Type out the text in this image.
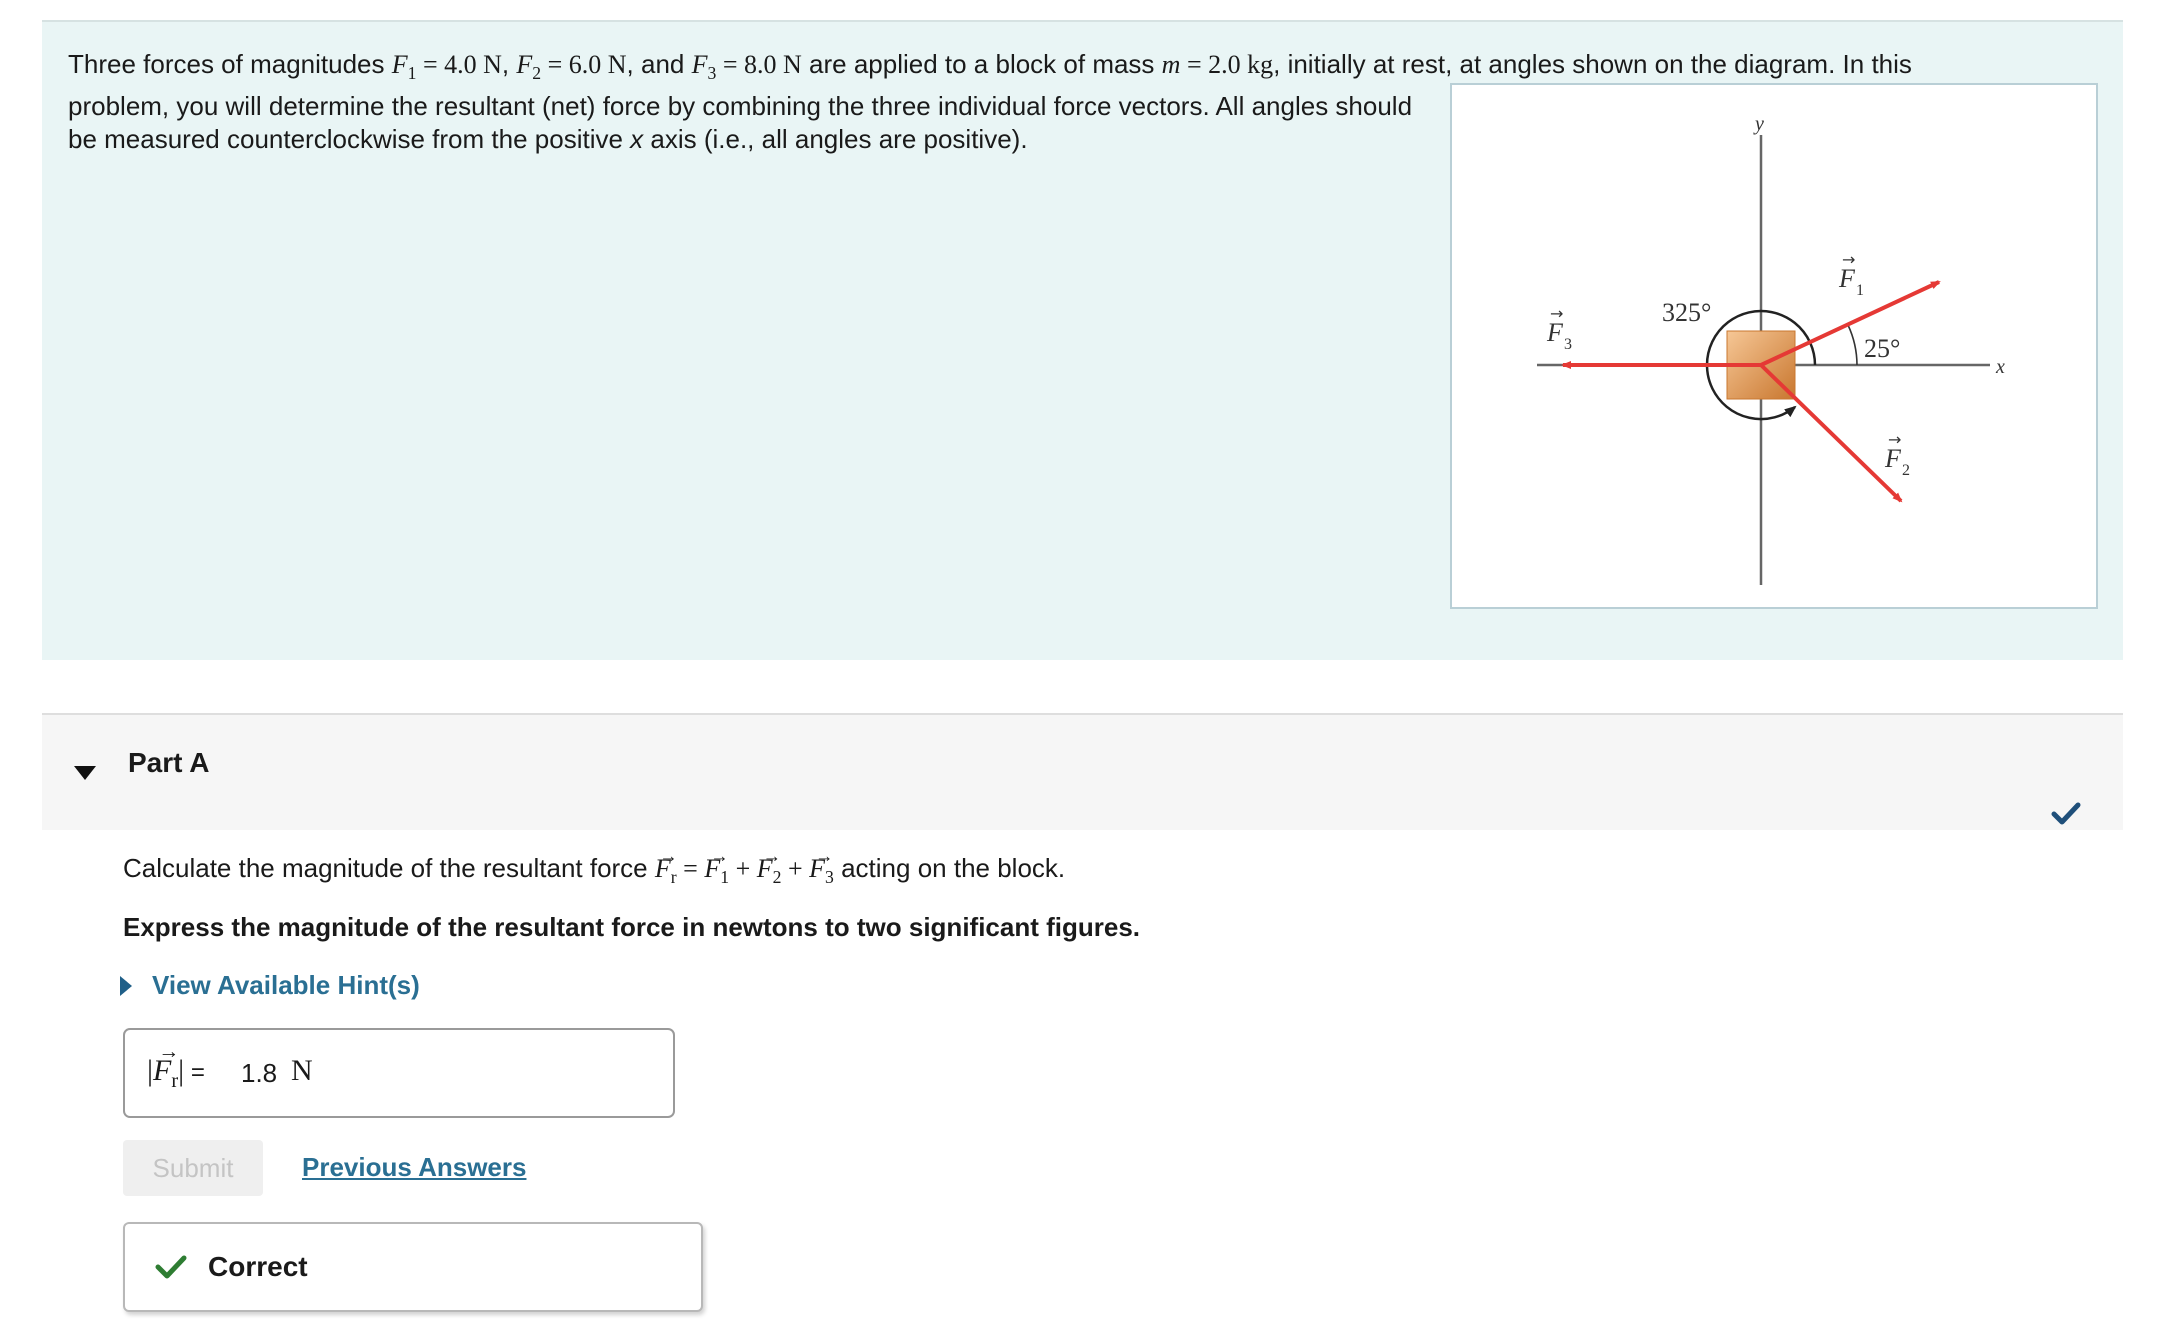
Three forces of magnitudes $F_1 = 4.0$ N, $F_2 = 6.0$ N, and $F_3 = 8.0$ N are applied to a block of mass m = 2.0 kg, initially at rest, at angles shown on the diagram. In this

problem, you will determine the resultant (net) force by combining the three individual force vectors. All angles should

be measured counterclockwise from the positive x axis (i.e., all angles are positive).

y
x
325°
25°
F 1
→
F 2
→
F 3
→
Part A
Calculate the magnitude of the resultant force → $F_r$ = → $F_1$ + → $F_2$ + → $F_3$ acting on the block.
Express the magnitude of the resultant force in newtons to two significant figures.
View Available Hint(s)
|→ $F_r| = 1.8$ N
Submit	Previous Answers
Correct
